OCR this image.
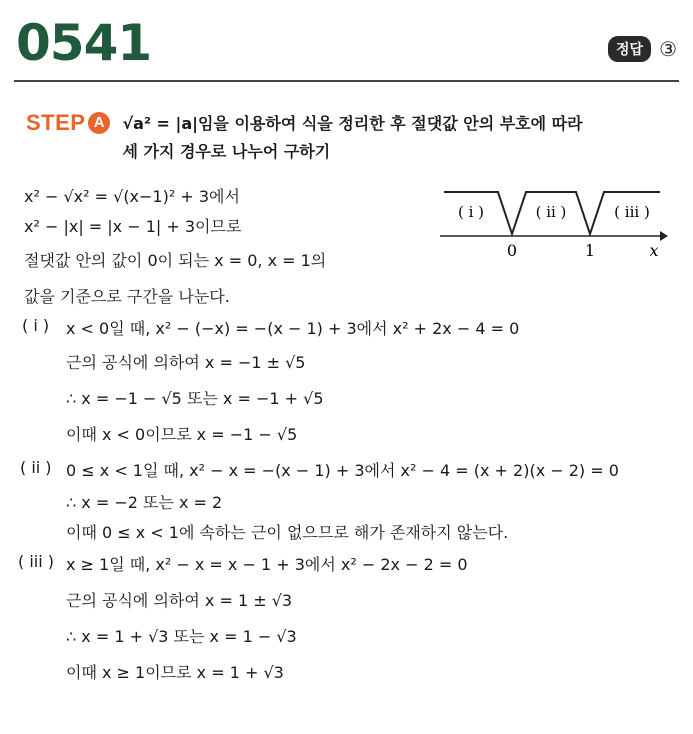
0541	정답 ③
STEP A	√a² = |a|임을 이용하여 식을 정리한 후 절댓값 안의 부호에 따라
세 가지 경우로 나누어 구하기
x² − √x² = √(x−1)² + 3에서
x² − |x| = |x − 1| + 3이므로
절댓값 안의 값이 0이 되는 x = 0, x = 1의
값을 기준으로 구간을 나눈다.
( i )	( ii )	( iii )
0	1	x
( i ) x < 0일 때, x² − (−x) = −(x − 1) + 3에서 x² + 2x − 4 = 0
근의 공식에 의하여 x = −1 ± √5
∴ x = −1 − √5 또는 x = −1 + √5
이때 x < 0이므로 x = −1 − √5
( ii ) 0 ≤ x < 1일 때, x² − x = −(x − 1) + 3에서 x² − 4 = (x + 2)(x − 2) = 0
∴ x = −2 또는 x = 2
이때 0 ≤ x < 1에 속하는 근이 없으므로 해가 존재하지 않는다.
( iii ) x ≥ 1일 때, x² − x = x − 1 + 3에서 x² − 2x − 2 = 0
근의 공식에 의하여 x = 1 ± √3
∴ x = 1 + √3 또는 x = 1 − √3
이때 x ≥ 1이므로 x = 1 + √3
